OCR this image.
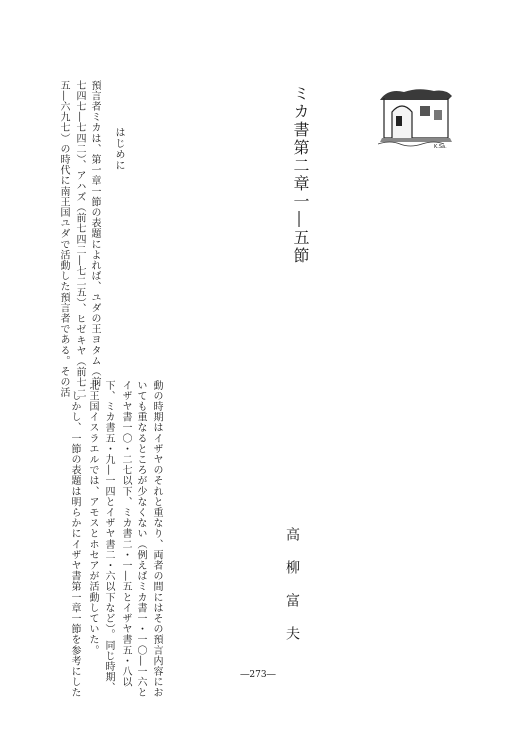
ミカ書第二章一―五節	K.Sa.
はじめに
預言者ミカは、第一章一節の表題によれば、ユダの王ヨタム（前
七四七―七四二）、アハズ（前七四二―七二五）、ヒゼキヤ（前七二
五―六九七）の時代に南王国ユダで活動した預言者である。その活
動の時期はイザヤのそれと重なり、両者の間にはその預言内容にお
いても重なるところが少なくない（例えばミカ書一・一〇―一六と
イザヤ書一〇・二七以下、ミカ書二・一―五とイザヤ書五・八以
下、ミカ書五・九―一四とイザヤ書二・六以下など）。同じ時期、
北王国イスラエルでは、アモスとホセアが活動していた。
　しかし、一節の表題は明らかにイザヤ書第一章一節を参考にした	高柳富夫
―273―
